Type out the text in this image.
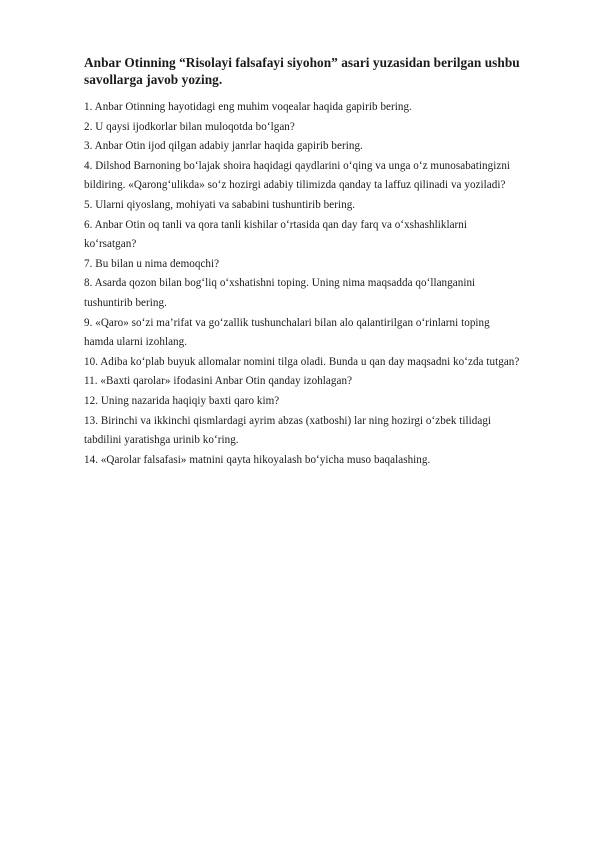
Anbar Otinning “Risolayi falsafayi siyohon” asari yuzasidan berilgan ushbu
savollarga javob yozing.
1. Anbar Otinning hayotidagi eng muhim voqealar haqida gapirib bering.
2. U qaysi ijodkorlar bilan muloqotda bo‘lgan?
3. Anbar Otin ijod qilgan adabiy janrlar haqida gapirib bering.
4. Dilshod Barnoning bo‘lajak shoira haqidagi qaydlarini o‘qing va unga o‘z munosabatingizni
bildiring. «Qarong‘ulikda» so‘z hozirgi adabiy tilimizda qanday ta laffuz qilinadi va yoziladi?
5. Ularni qiyoslang, mohiyati va sababini tushuntirib bering.
6. Anbar Otin oq tanli va qora tanli kishilar o‘rtasida qan day farq va o‘xshashliklarni
ko‘rsatgan?
7. Bu bilan u nima demoqchi?
8. Asarda qozon bilan bog‘liq o‘xshatishni toping. Uning nima maqsadda qo‘llanganini
tushuntirib bering.
9. «Qaro» so‘zi ma’rifat va go‘zallik tushunchalari bilan alo qalantirilgan o‘rinlarni toping
hamda ularni izohlang.
10. Adiba ko‘plab buyuk allomalar nomini tilga oladi. Bunda u qan day maqsadni ko‘zda tutgan?
11. «Baxti qarolar» ifodasini Anbar Otin qanday izohlagan?
12. Uning nazarida haqiqiy baxti qaro kim?
13. Birinchi va ikkinchi qismlardagi ayrim abzas (xatboshi) lar ning hozirgi o‘zbek tilidagi
tabdilini yaratishga urinib ko‘ring.
14. «Qarolar falsafasi» matnini qayta hikoyalash bo‘yicha muso baqalashing.
